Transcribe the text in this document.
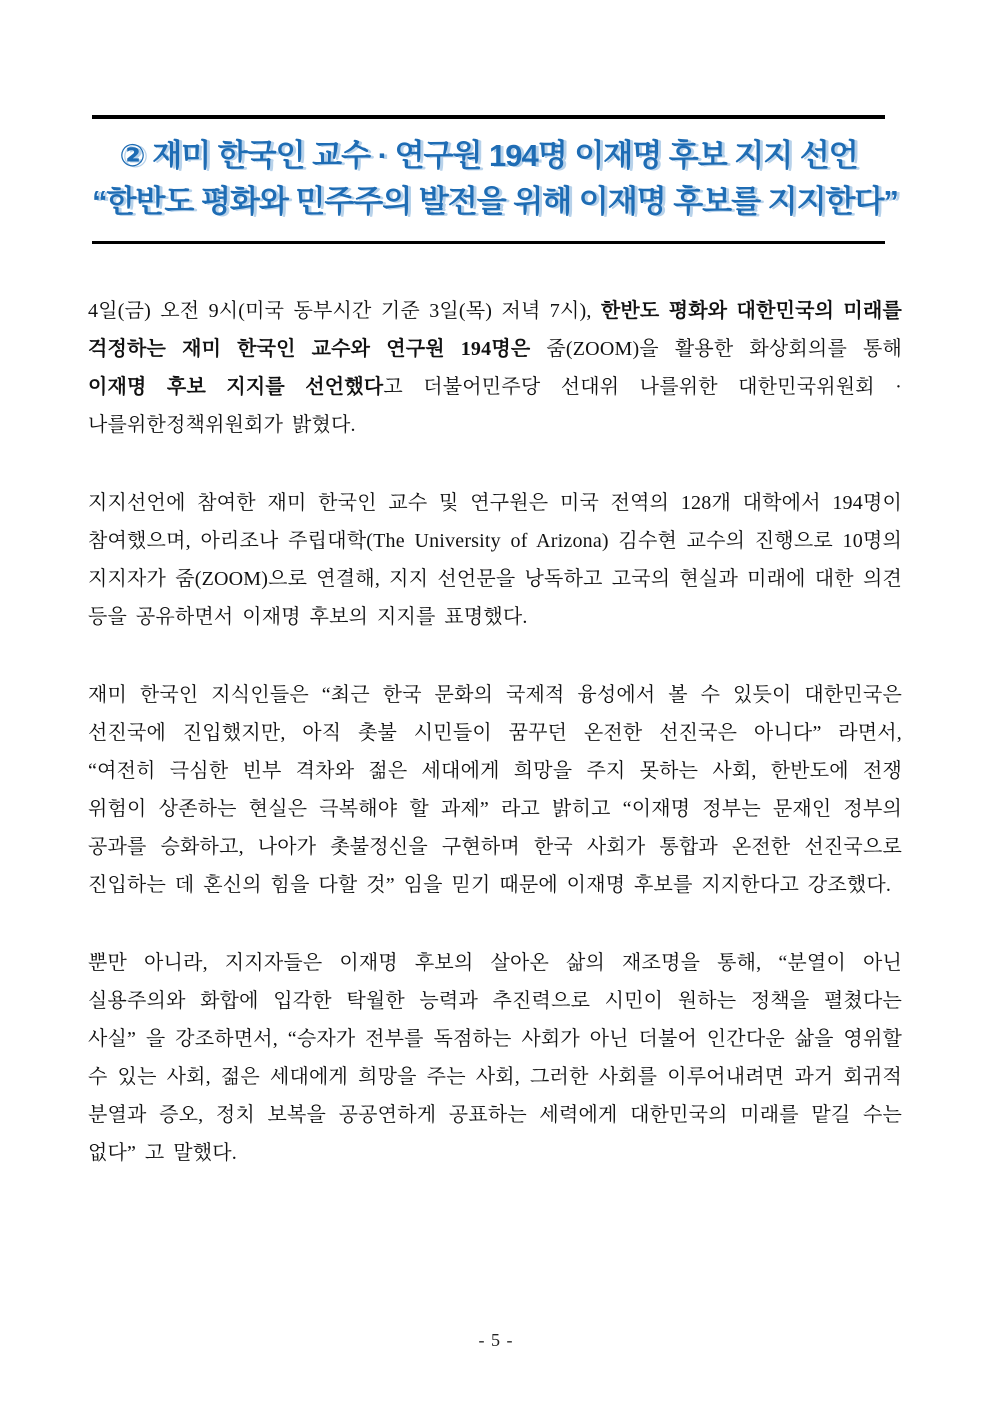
② 재미 한국인 교수 · 연구원 194명 이재명 후보 지지 선언
“한반도 평화와 민주주의 발전을 위해 이재명 후보를 지지한다”

4일(금) 오전 9시(미국 동부시간 기준 3일(목) 저녁 7시), 한반도 평화와 대한민국의 미래를 걱정하는 재미 한국인 교수와 연구원 194명은 줌(ZOOM)을 활용한 화상회의를 통해 이재명 후보 지지를 선언했다고 더불어민주당 선대위 나를위한 대한민국위원회 · 나를위한정책위원회가 밝혔다.

지지선언에 참여한 재미 한국인 교수 및 연구원은 미국 전역의 128개 대학에서 194명이 참여했으며, 아리조나 주립대학(The University of Arizona) 김수현 교수의 진행으로 10명의 지지자가 줌(ZOOM)으로 연결해, 지지 선언문을 낭독하고 고국의 현실과 미래에 대한 의견 등을 공유하면서 이재명 후보의 지지를 표명했다.

재미 한국인 지식인들은 “최근 한국 문화의 국제적 융성에서 볼 수 있듯이 대한민국은 선진국에 진입했지만, 아직 촛불 시민들이 꿈꾸던 온전한 선진국은 아니다” 라면서, “여전히 극심한 빈부 격차와 젊은 세대에게 희망을 주지 못하는 사회, 한반도에 전쟁 위험이 상존하는 현실은 극복해야 할 과제” 라고 밝히고 “이재명 정부는 문재인 정부의 공과를 승화하고, 나아가 촛불정신을 구현하며 한국 사회가 통합과 온전한 선진국으로 진입하는 데 혼신의 힘을 다할 것” 임을 믿기 때문에 이재명 후보를 지지한다고 강조했다.

뿐만 아니라, 지지자들은 이재명 후보의 살아온 삶의 재조명을 통해, “분열이 아닌 실용주의와 화합에 입각한 탁월한 능력과 추진력으로 시민이 원하는 정책을 펼쳤다는 사실” 을 강조하면서, “승자가 전부를 독점하는 사회가 아닌 더불어 인간다운 삶을 영위할 수 있는 사회, 젊은 세대에게 희망을 주는 사회, 그러한 사회를 이루어내려면 과거 회귀적 분열과 증오, 정치 보복을 공공연하게 공표하는 세력에게 대한민국의 미래를 맡길 수는 없다” 고 말했다.

- 5 -
